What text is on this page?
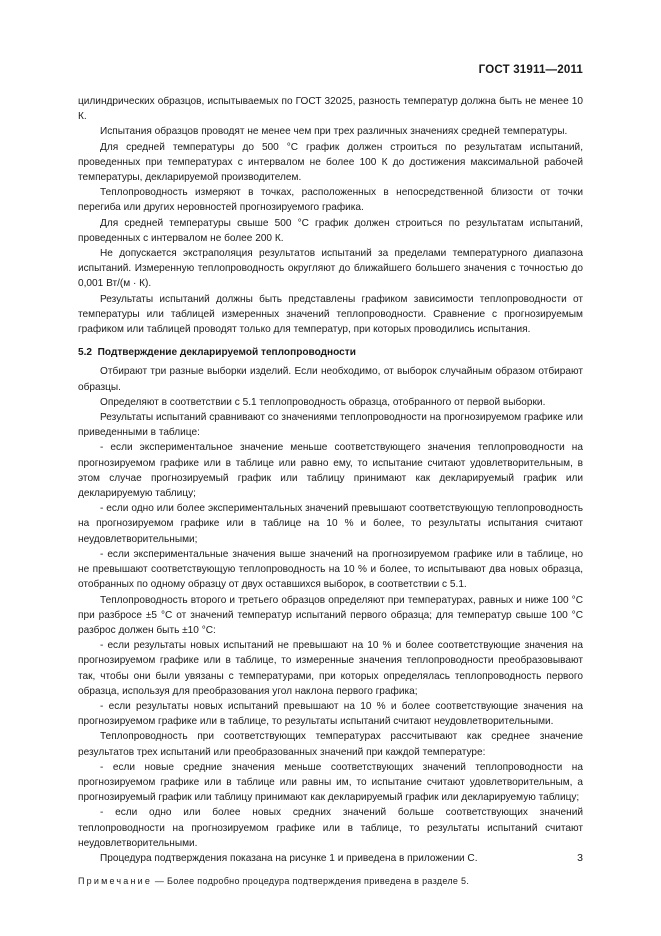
ГОСТ 31911—2011

цилиндрических образцов, испытываемых по ГОСТ 32025, разность температур должна быть не менее 10 К.

Испытания образцов проводят не менее чем при трех различных значениях средней температуры.

Для средней температуры до 500 °С график должен строиться по результатам испытаний, проведенных при температурах с интервалом не более 100 К до достижения максимальной рабочей температуры, декларируемой производителем.

Теплопроводность измеряют в точках, расположенных в непосредственной близости от точки перегиба или других неровностей прогнозируемого графика.

Для средней температуры свыше 500 °С график должен строиться по результатам испытаний, проведенных с интервалом не более 200 К.

Не допускается экстраполяция результатов испытаний за пределами температурного диапазона испытаний. Измеренную теплопроводность округляют до ближайшего большего значения с точностью до 0,001 Вт/(м · К).

Результаты испытаний должны быть представлены графиком зависимости теплопроводности от температуры или таблицей измеренных значений теплопроводности. Сравнение с прогнозируемым графиком или таблицей проводят только для температур, при которых проводились испытания.

5.2 Подтверждение декларируемой теплопроводности

Отбирают три разные выборки изделий. Если необходимо, от выборок случайным образом отбирают образцы.

Определяют в соответствии с 5.1 теплопроводность образца, отобранного от первой выборки.

Результаты испытаний сравнивают со значениями теплопроводности на прогнозируемом графике или приведенными в таблице:

- если экспериментальное значение меньше соответствующего значения теплопроводности на прогнозируемом графике или в таблице или равно ему, то испытание считают удовлетворительным, в этом случае прогнозируемый график или таблицу принимают как декларируемый график или декларируемую таблицу;

- если одно или более экспериментальных значений превышают соответствующую теплопроводность на прогнозируемом графике или в таблице на 10 % и более, то результаты испытания считают неудовлетворительными;

- если экспериментальные значения выше значений на прогнозируемом графике или в таблице, но не превышают соответствующую теплопроводность на 10 % и более, то испытывают два новых образца, отобранных по одному образцу от двух оставшихся выборок, в соответствии с 5.1.

Теплопроводность второго и третьего образцов определяют при температурах, равных и ниже 100 °С при разбросе ±5 °С от значений температур испытаний первого образца; для температур свыше 100 °С разброс должен быть ±10 °С:

- если результаты новых испытаний не превышают на 10 % и более соответствующие значения на прогнозируемом графике или в таблице, то измеренные значения теплопроводности преобразовывают так, чтобы они были увязаны с температурами, при которых определялась теплопроводность первого образца, используя для преобразования угол наклона первого графика;

- если результаты новых испытаний превышают на 10 % и более соответствующие значения на прогнозируемом графике или в таблице, то результаты испытаний считают неудовлетворительными.

Теплопроводность при соответствующих температурах рассчитывают как среднее значение результатов трех испытаний или преобразованных значений при каждой температуре:

- если новые средние значения меньше соответствующих значений теплопроводности на прогнозируемом графике или в таблице или равны им, то испытание считают удовлетворительным, а прогнозируемый график или таблицу принимают как декларируемый график или декларируемую таблицу;

- если одно или более новых средних значений больше соответствующих значений теплопроводности на прогнозируемом графике или в таблице, то результаты испытаний считают неудовлетворительными.

Процедура подтверждения показана на рисунке 1 и приведена в приложении С.

Примечание — Более подробно процедура подтверждения приведена в разделе 5.

3
